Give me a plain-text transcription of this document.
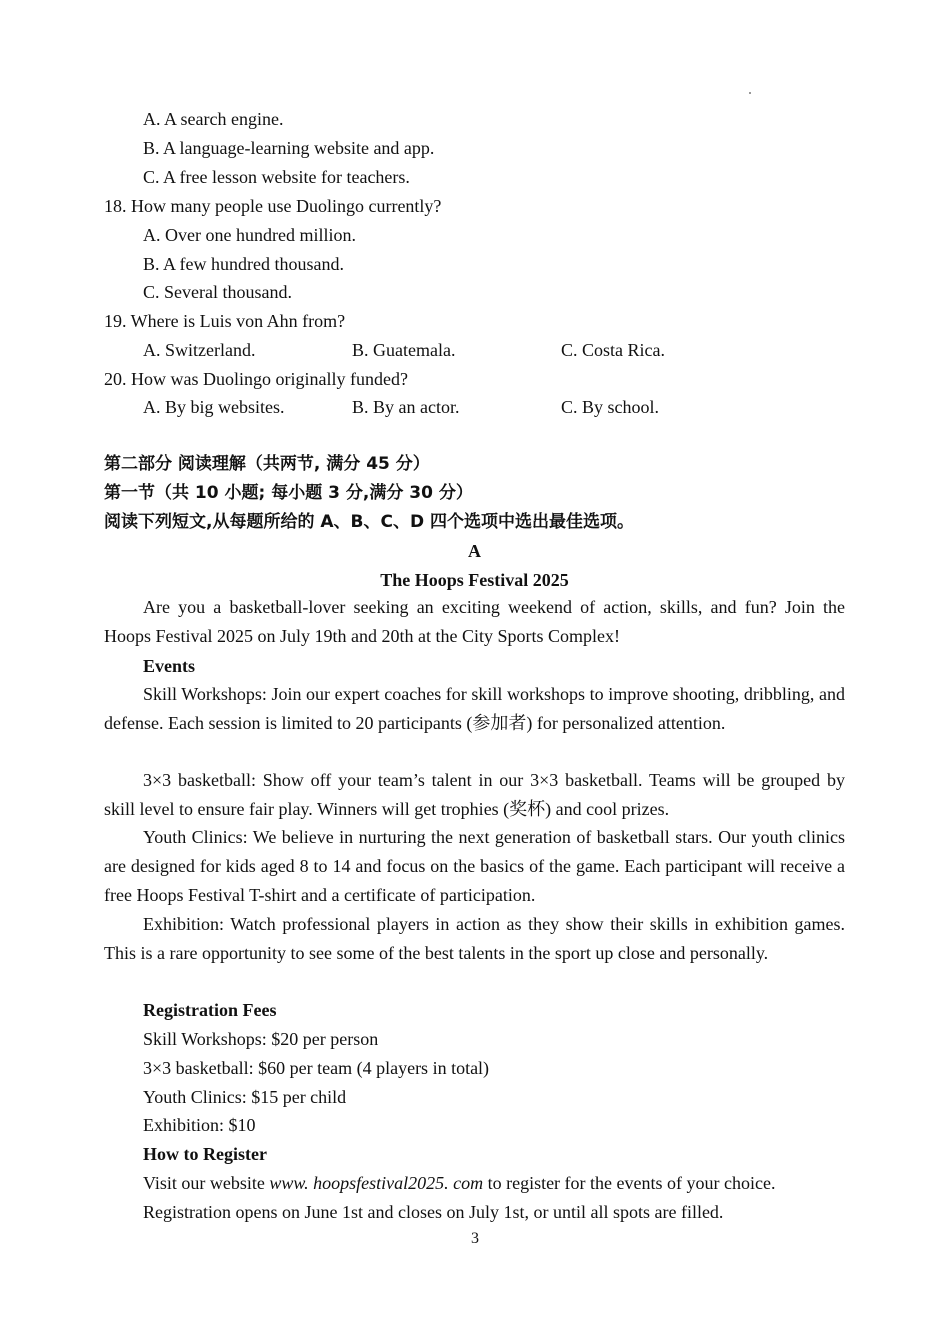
A. A search engine.
B. A language-learning website and app.
C. A free lesson website for teachers.
18. How many people use Duolingo currently?
A. Over one hundred million.
B. A few hundred thousand.
C. Several thousand.
19. Where is Luis von Ahn from?
A. Switzerland.	B. Guatemala.	C. Costa Rica.
20. How was Duolingo originally funded?
A. By big websites.	B. By an actor.	C. By school.
第二部分 阅读理解（共两节, 满分 45 分）
第一节（共 10 小题; 每小题 3 分,满分 30 分）
阅读下列短文,从每题所给的 A、B、C、D 四个选项中选出最佳选项。
A
The Hoops Festival 2025
Are you a basketball-lover seeking an exciting weekend of action, skills, and fun? Join the Hoops Festival 2025 on July 19th and 20th at the City Sports Complex!
Events
Skill Workshops: Join our expert coaches for skill workshops to improve shooting, dribbling, and defense. Each session is limited to 20 participants (参加者) for personalized attention.
3×3 basketball: Show off your team’s talent in our 3×3 basketball. Teams will be grouped by skill level to ensure fair play. Winners will get trophies (奖杯) and cool prizes.
Youth Clinics: We believe in nurturing the next generation of basketball stars. Our youth clinics are designed for kids aged 8 to 14 and focus on the basics of the game. Each participant will receive a free Hoops Festival T-shirt and a certificate of participation.
Exhibition: Watch professional players in action as they show their skills in exhibition games. This is a rare opportunity to see some of the best talents in the sport up close and personally.
Registration Fees
Skill Workshops: $20 per person
3×3 basketball: $60 per team (4 players in total)
Youth Clinics: $15 per child
Exhibition: $10
How to Register
Visit our website www. hoopsfestival2025. com to register for the events of your choice.
Registration opens on June 1st and closes on July 1st, or until all spots are filled.
3
